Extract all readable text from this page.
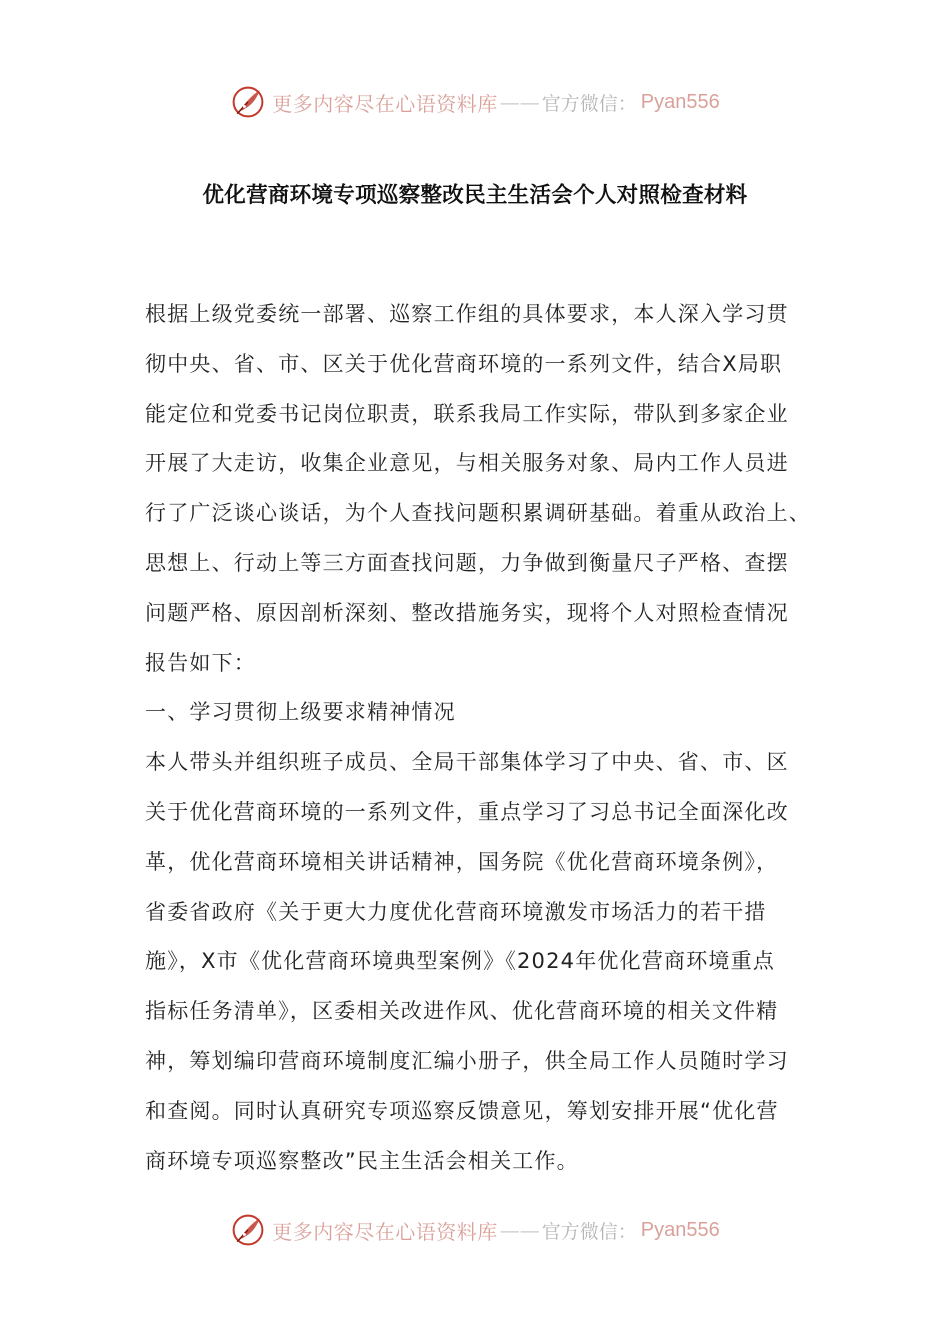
更多内容尽在心语资料库 —— 官方微信： Pyan556
优化营商环境专项巡察整改民主生活会个人对照检查材料
根据上级党委统一部署、巡察工作组的具体要求，本人深入学习贯
彻中央、省、市、区关于优化营商环境的一系列文件，结合X局职
能定位和党委书记岗位职责，联系我局工作实际，带队到多家企业
开展了大走访，收集企业意见，与相关服务对象、局内工作人员进
行了广泛谈心谈话，为个人查找问题积累调研基础。着重从政治上、
思想上、行动上等三方面查找问题，力争做到衡量尺子严格、查摆
问题严格、原因剖析深刻、整改措施务实，现将个人对照检查情况
报告如下：
一、学习贯彻上级要求精神情况
本人带头并组织班子成员、全局干部集体学习了中央、省、市、区
关于优化营商环境的一系列文件，重点学习了习总书记全面深化改
革，优化营商环境相关讲话精神，国务院《优化营商环境条例》，
省委省政府《关于更大力度优化营商环境激发市场活力的若干措
施》，X市《优化营商环境典型案例》《2024年优化营商环境重点
指标任务清单》，区委相关改进作风、优化营商环境的相关文件精
神，筹划编印营商环境制度汇编小册子，供全局工作人员随时学习
和查阅。同时认真研究专项巡察反馈意见，筹划安排开展“优化营
商环境专项巡察整改”民主生活会相关工作。
更多内容尽在心语资料库 —— 官方微信： Pyan556
